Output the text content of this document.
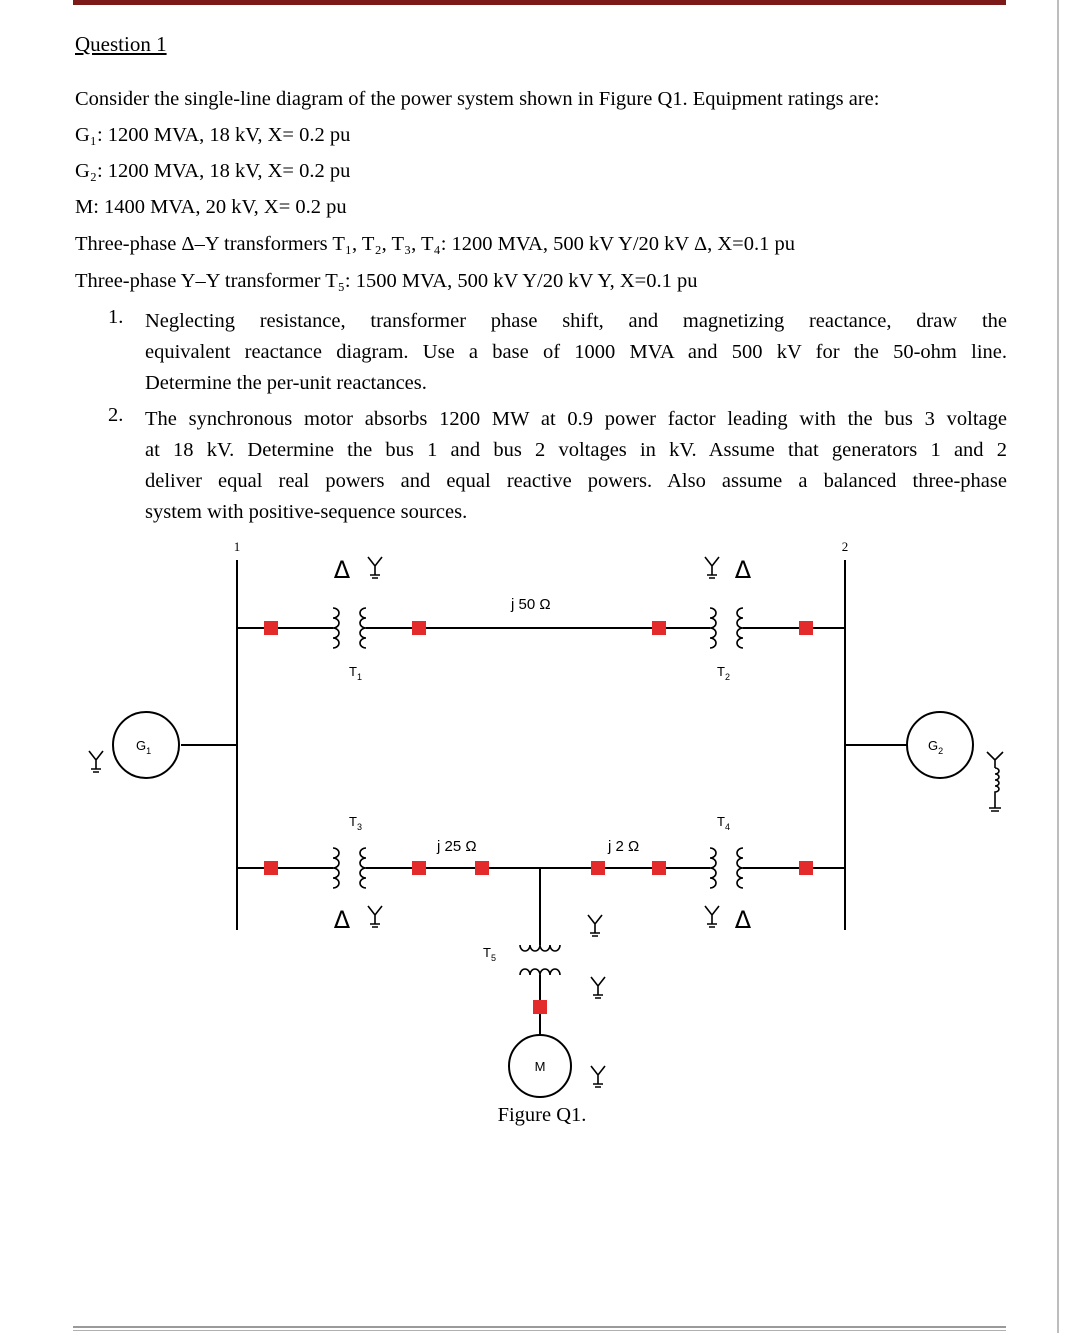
Question 1
Consider the single-line diagram of the power system shown in Figure Q1. Equipment ratings are:
G₁: 1200 MVA, 18 kV, X= 0.2 pu
G₂: 1200 MVA, 18 kV, X= 0.2 pu
M: 1400 MVA, 20 kV, X= 0.2 pu
Three-phase Δ–Y transformers T₁, T₂, T₃, T₄: 1200 MVA, 500 kV Y/20 kV Δ, X=0.1 pu
Three-phase Y–Y transformer T₅: 1500 MVA, 500 kV Y/20 kV Y, X=0.1 pu
1. Neglecting resistance, transformer phase shift, and magnetizing reactance, draw the
equivalent reactance diagram. Use a base of 1000 MVA and 500 kV for the 50-ohm line.
Determine the per-unit reactances.
2. The synchronous motor absorbs 1200 MW at 0.9 power factor leading with the bus 3 voltage
at 18 kV. Determine the bus 1 and bus 2 voltages in kV. Assume that generators 1 and 2
deliver equal real powers and equal reactive powers. Also assume a balanced three-phase
system with positive-sequence sources.
Δ	Δ
Δ	Δ
1	2
j 50 Ω
j 25 Ω	j 2 Ω
$T_1$	$T_2$
$T_3$	$T_4$
$T_5$
$G_1$	$G_2$
M
Figure Q1.
